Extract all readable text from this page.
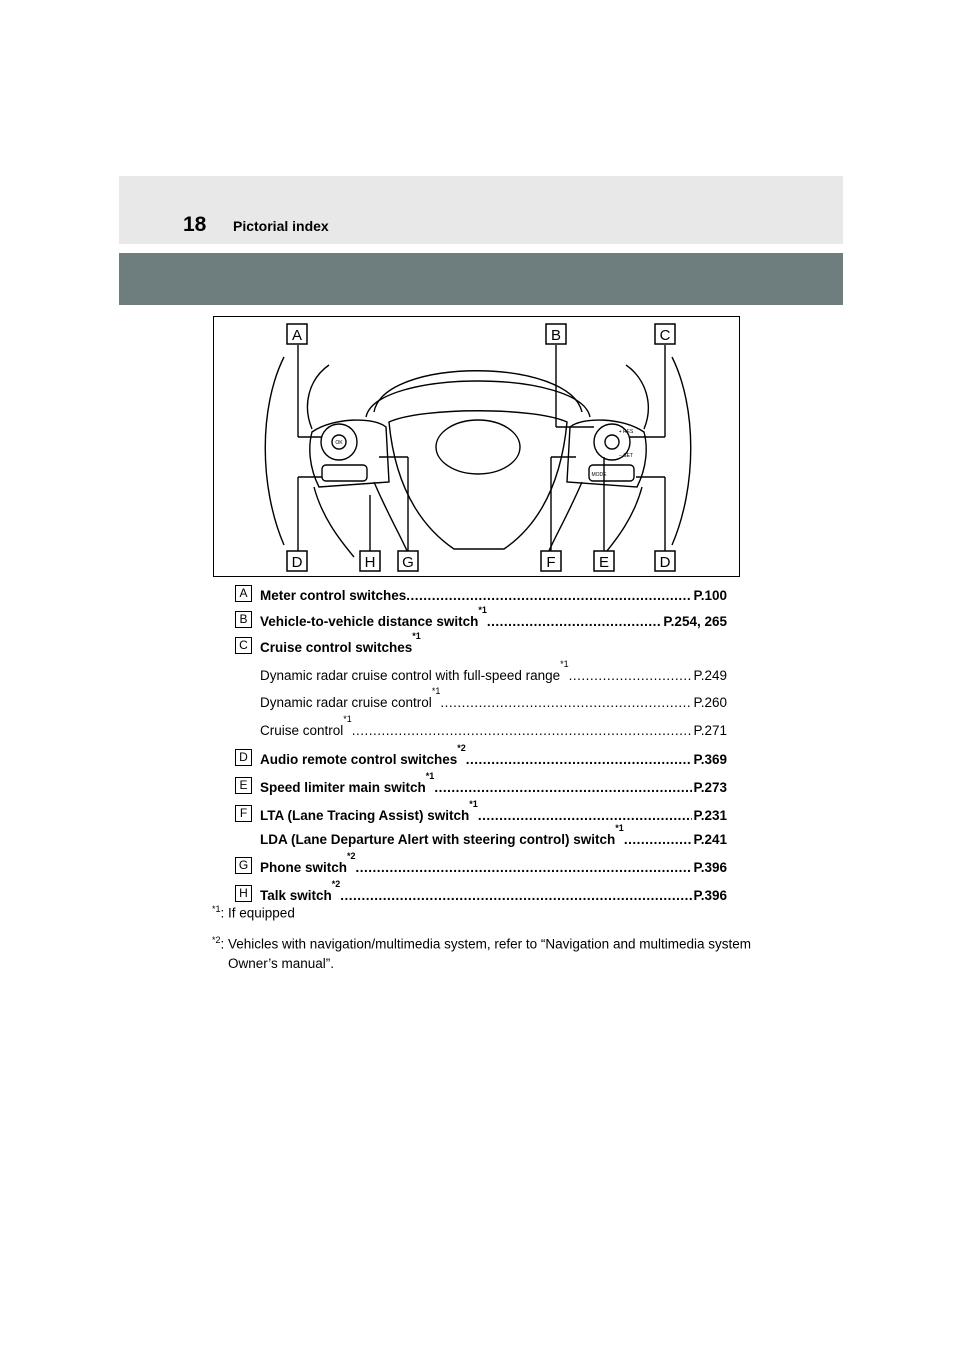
18 Pictorial index
A	B	C
D	H G	F	E	D
OK
+ RES
− SET
MODE
A Meter control switches
.....	P.100
B Vehicle-to-vehicle distance switch
*1
.....
P.254, 265
C Cruise control switches
*1
Dynamic radar cruise control with full-speed range
*1
.....
P.249
Dynamic radar cruise control
*1
.....
P.260
Cruise control
*1
.....
P.271
D Audio remote control switches
*2
.....
P.369
E Speed limiter main switch
*1
.....
P.273
F LTA (Lane Tracing Assist) switch
*1
.....
P.231
LDA (Lane Departure Alert with steering control) switch
*1
.....
P.241
G Phone switch
*2
.....
P.396
H Talk switch
*2
.....
P.396
$^{*1}$: If equipped
$^{*2}$: Vehicles with navigation/multimedia system, refer to “Navigation and multimedia system Owner’s manual”.
